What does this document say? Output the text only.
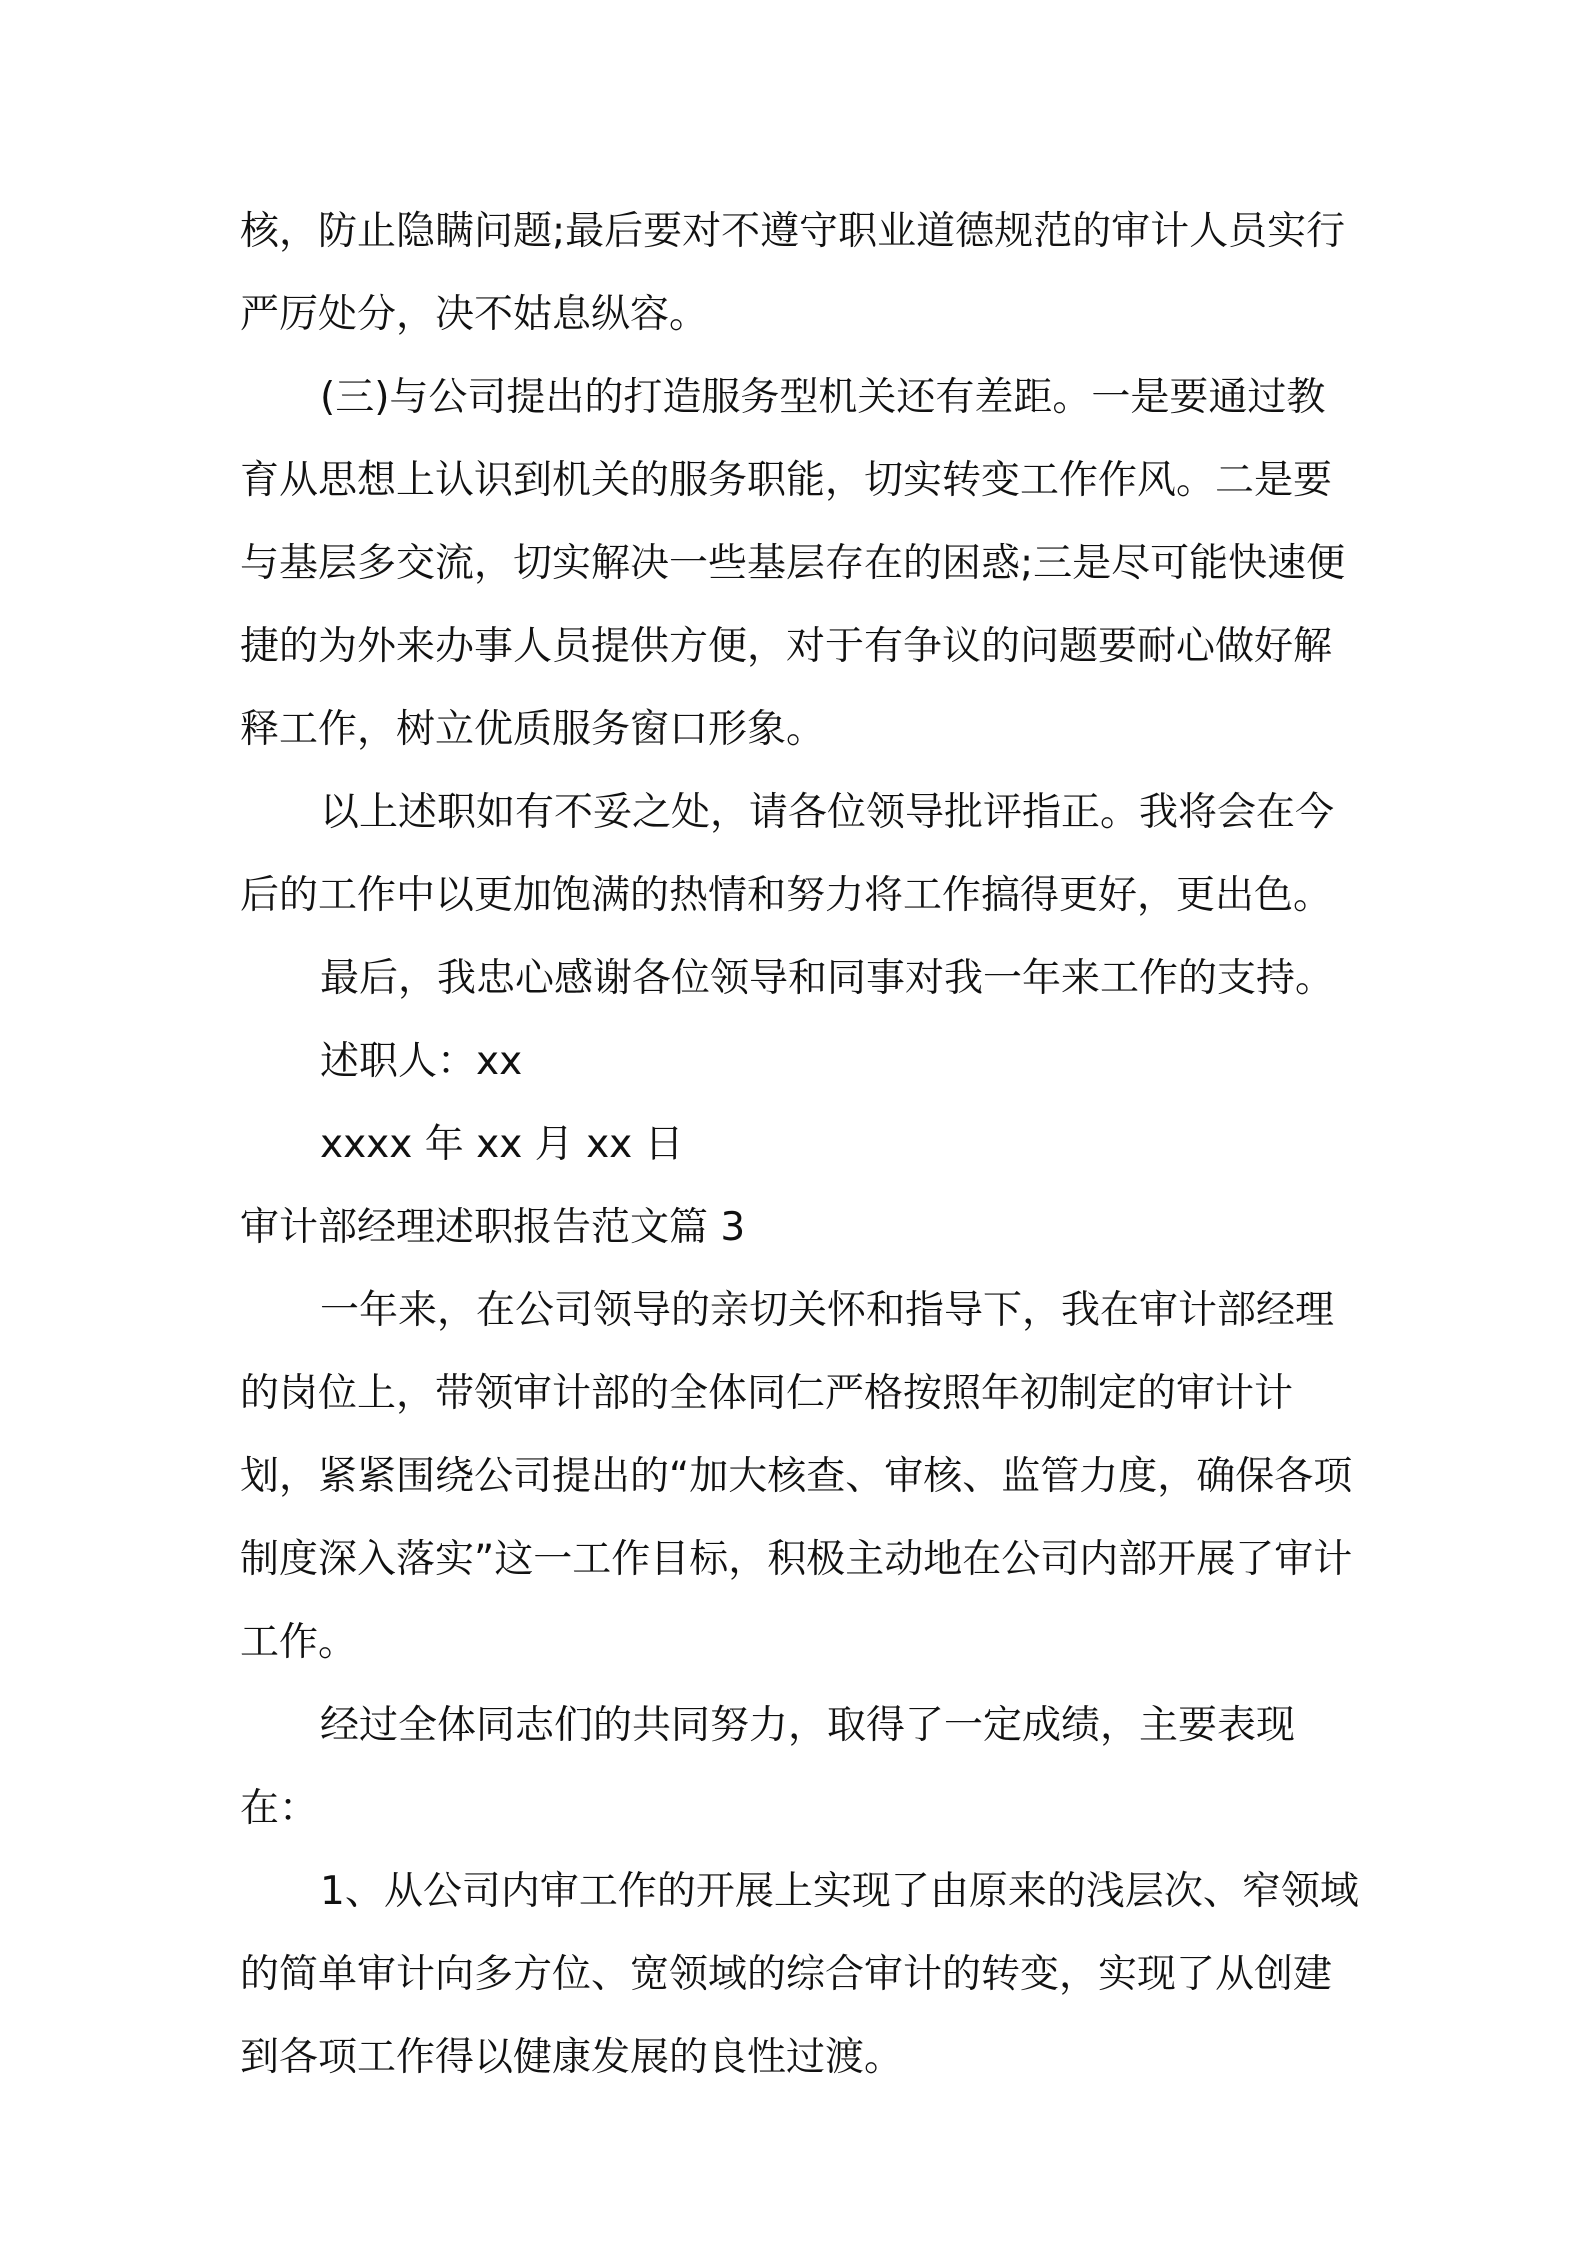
核，防止隐瞒问题;最后要对不遵守职业道德规范的审计人员实行严厉处分，决不姑息纵容。

(三)与公司提出的打造服务型机关还有差距。一是要通过教育从思想上认识到机关的服务职能，切实转变工作作风。二是要与基层多交流，切实解决一些基层存在的困惑;三是尽可能快速便捷的为外来办事人员提供方便，对于有争议的问题要耐心做好解释工作，树立优质服务窗口形象。

以上述职如有不妥之处，请各位领导批评指正。我将会在今后的工作中以更加饱满的热情和努力将工作搞得更好，更出色。

最后，我忠心感谢各位领导和同事对我一年来工作的支持。

述职人：xx

xxxx 年 xx 月 xx 日

审计部经理述职报告范文篇 3

一年来，在公司领导的亲切关怀和指导下，我在审计部经理的岗位上，带领审计部的全体同仁严格按照年初制定的审计计划，紧紧围绕公司提出的“加大核查、审核、监管力度，确保各项制度深入落实”这一工作目标，积极主动地在公司内部开展了审计工作。

经过全体同志们的共同努力，取得了一定成绩，主要表现在：

1、从公司内审工作的开展上实现了由原来的浅层次、窄领域的简单审计向多方位、宽领域的综合审计的转变，实现了从创建到各项工作得以健康发展的良性过渡。
